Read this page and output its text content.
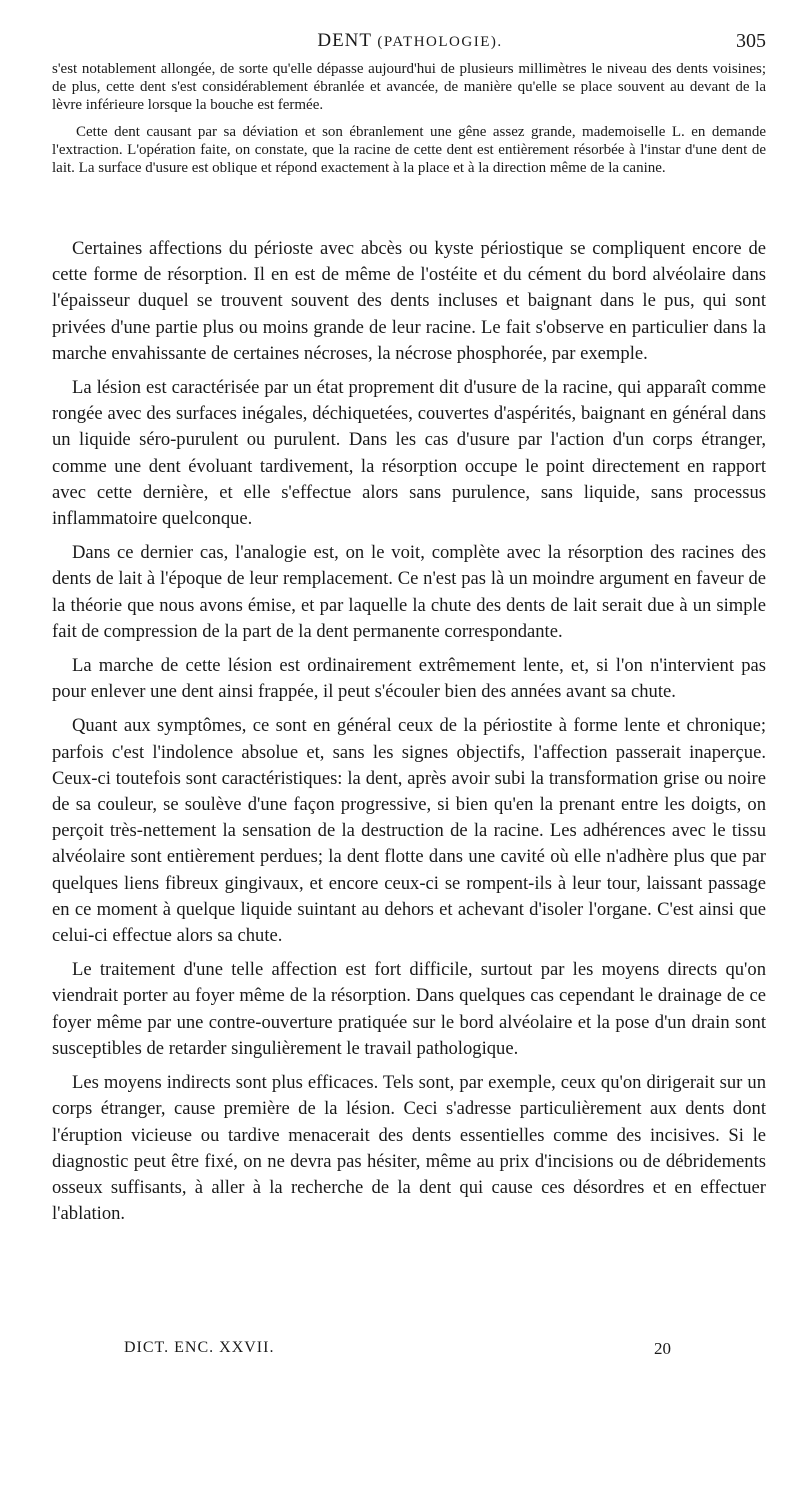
DENT (PATHOLOGIE).	305

s'est notablement allongée, de sorte qu'elle dépasse aujourd'hui de plusieurs millimètres le niveau des dents voisines; de plus, cette dent s'est considérablement ébranlée et avancée, de manière qu'elle se place souvent au devant de la lèvre inférieure lorsque la bouche est fermée.

Cette dent causant par sa déviation et son ébranlement une gêne assez grande, mademoiselle L. en demande l'extraction. L'opération faite, on constate, que la racine de cette dent est entièrement résorbée à l'instar d'une dent de lait. La surface d'usure est oblique et répond exactement à la place et à la direction même de la canine.

Certaines affections du périoste avec abcès ou kyste périostique se compliquent encore de cette forme de résorption. Il en est de même de l'ostéite et du cément du bord alvéolaire dans l'épaisseur duquel se trouvent souvent des dents incluses et baignant dans le pus, qui sont privées d'une partie plus ou moins grande de leur racine. Le fait s'observe en particulier dans la marche envahissante de certaines nécroses, la nécrose phosphorée, par exemple.

La lésion est caractérisée par un état proprement dit d'usure de la racine, qui apparaît comme rongée avec des surfaces inégales, déchiquetées, couvertes d'aspérités, baignant en général dans un liquide séro-purulent ou purulent. Dans les cas d'usure par l'action d'un corps étranger, comme une dent évoluant tardivement, la résorption occupe le point directement en rapport avec cette dernière, et elle s'effectue alors sans purulence, sans liquide, sans processus inflammatoire quelconque.

Dans ce dernier cas, l'analogie est, on le voit, complète avec la résorption des racines des dents de lait à l'époque de leur remplacement. Ce n'est pas là un moindre argument en faveur de la théorie que nous avons émise, et par laquelle la chute des dents de lait serait due à un simple fait de compression de la part de la dent permanente correspondante.

La marche de cette lésion est ordinairement extrêmement lente, et, si l'on n'intervient pas pour enlever une dent ainsi frappée, il peut s'écouler bien des années avant sa chute.

Quant aux symptômes, ce sont en général ceux de la périostite à forme lente et chronique; parfois c'est l'indolence absolue et, sans les signes objectifs, l'affection passerait inaperçue. Ceux-ci toutefois sont caractéristiques: la dent, après avoir subi la transformation grise ou noire de sa couleur, se soulève d'une façon progressive, si bien qu'en la prenant entre les doigts, on perçoit très-nettement la sensation de la destruction de la racine. Les adhérences avec le tissu alvéolaire sont entièrement perdues; la dent flotte dans une cavité où elle n'adhère plus que par quelques liens fibreux gingivaux, et encore ceux-ci se rompent-ils à leur tour, laissant passage en ce moment à quelque liquide suintant au dehors et achevant d'isoler l'organe. C'est ainsi que celui-ci effectue alors sa chute.

Le traitement d'une telle affection est fort difficile, surtout par les moyens directs qu'on viendrait porter au foyer même de la résorption. Dans quelques cas cependant le drainage de ce foyer même par une contre-ouverture pratiquée sur le bord alvéolaire et la pose d'un drain sont susceptibles de retarder singulièrement le travail pathologique.

Les moyens indirects sont plus efficaces. Tels sont, par exemple, ceux qu'on dirigerait sur un corps étranger, cause première de la lésion. Ceci s'adresse particulièrement aux dents dont l'éruption vicieuse ou tardive menacerait des dents essentielles comme des incisives. Si le diagnostic peut être fixé, on ne devra pas hésiter, même au prix d'incisions ou de débridements osseux suffisants, à aller à la recherche de la dent qui cause ces désordres et en effectuer l'ablation.

DICT. ENC. XXVII.	20
